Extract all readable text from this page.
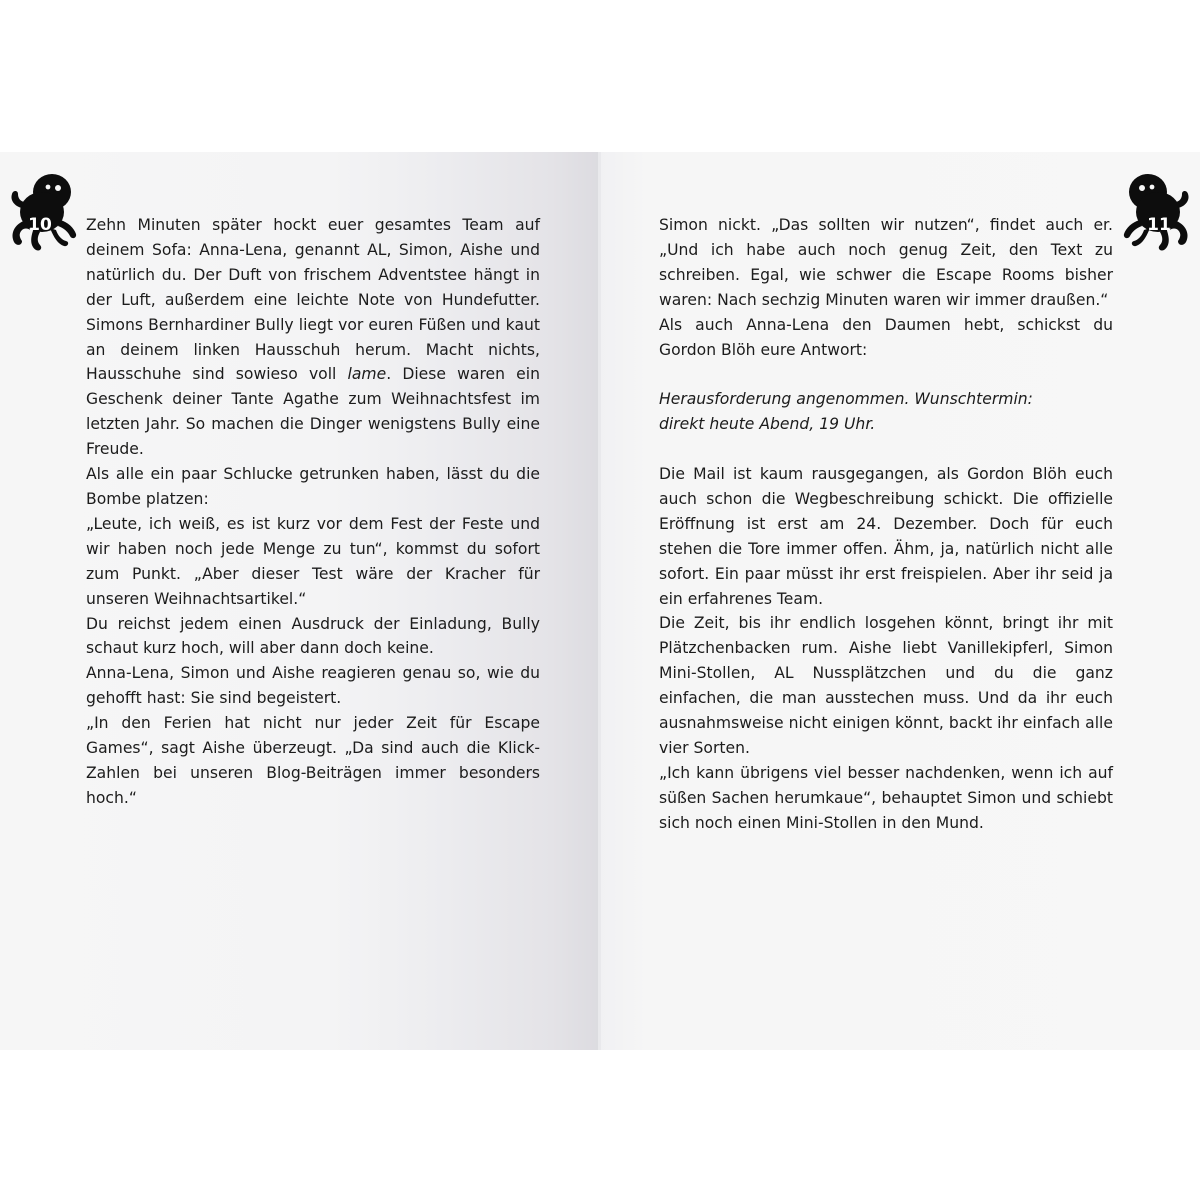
10	11

Zehn Minuten später hockt euer gesamtes Team auf deinem Sofa: Anna-Lena, genannt AL, Simon, Aishe und natürlich du. Der Duft von frischem Adventstee hängt in der Luft, außerdem eine leichte Note von Hundefutter. Simons Bernhardiner Bully liegt vor euren Füßen und kaut an deinem linken Hausschuh herum. Macht nichts, Hausschuhe sind sowieso voll lame. Diese waren ein Geschenk deiner Tante Agathe zum Weihnachtsfest im letzten Jahr. So machen die Dinger wenigstens Bully eine Freude.

Als alle ein paar Schlucke getrunken haben, lässt du die Bombe platzen:

„Leute, ich weiß, es ist kurz vor dem Fest der Feste und wir haben noch jede Menge zu tun“, kommst du sofort zum Punkt. „Aber dieser Test wäre der Kracher für unseren Weihnachtsartikel.“

Du reichst jedem einen Ausdruck der Einladung, Bully schaut kurz hoch, will aber dann doch keine.

Anna-Lena, Simon und Aishe reagieren genau so, wie du gehofft hast: Sie sind begeistert.

„In den Ferien hat nicht nur jeder Zeit für Escape Games“, sagt Aishe überzeugt. „Da sind auch die Klick-Zahlen bei unseren Blog-Beiträgen immer besonders hoch.“

Simon nickt. „Das sollten wir nutzen“, findet auch er. „Und ich habe auch noch genug Zeit, den Text zu schreiben. Egal, wie schwer die Escape Rooms bisher waren: Nach sechzig Minuten waren wir immer draußen.“

Als auch Anna-Lena den Daumen hebt, schickst du Gordon Blöh eure Antwort:

Herausforderung angenommen. Wunschtermin:

direkt heute Abend, 19 Uhr.

Die Mail ist kaum rausgegangen, als Gordon Blöh euch auch schon die Wegbeschreibung schickt. Die offizielle Eröffnung ist erst am 24. Dezember. Doch für euch stehen die Tore immer offen. Ähm, ja, natürlich nicht alle sofort. Ein paar müsst ihr erst freispielen. Aber ihr seid ja ein erfahrenes Team.

Die Zeit, bis ihr endlich losgehen könnt, bringt ihr mit Plätzchenbacken rum. Aishe liebt Vanillekipferl, Simon Mini-Stollen, AL Nussplätzchen und du die ganz einfachen, die man ausstechen muss. Und da ihr euch ausnahmsweise nicht einigen könnt, backt ihr einfach alle vier Sorten.

„Ich kann übrigens viel besser nachdenken, wenn ich auf süßen Sachen herumkaue“, behauptet Simon und schiebt sich noch einen Mini-Stollen in den Mund.
